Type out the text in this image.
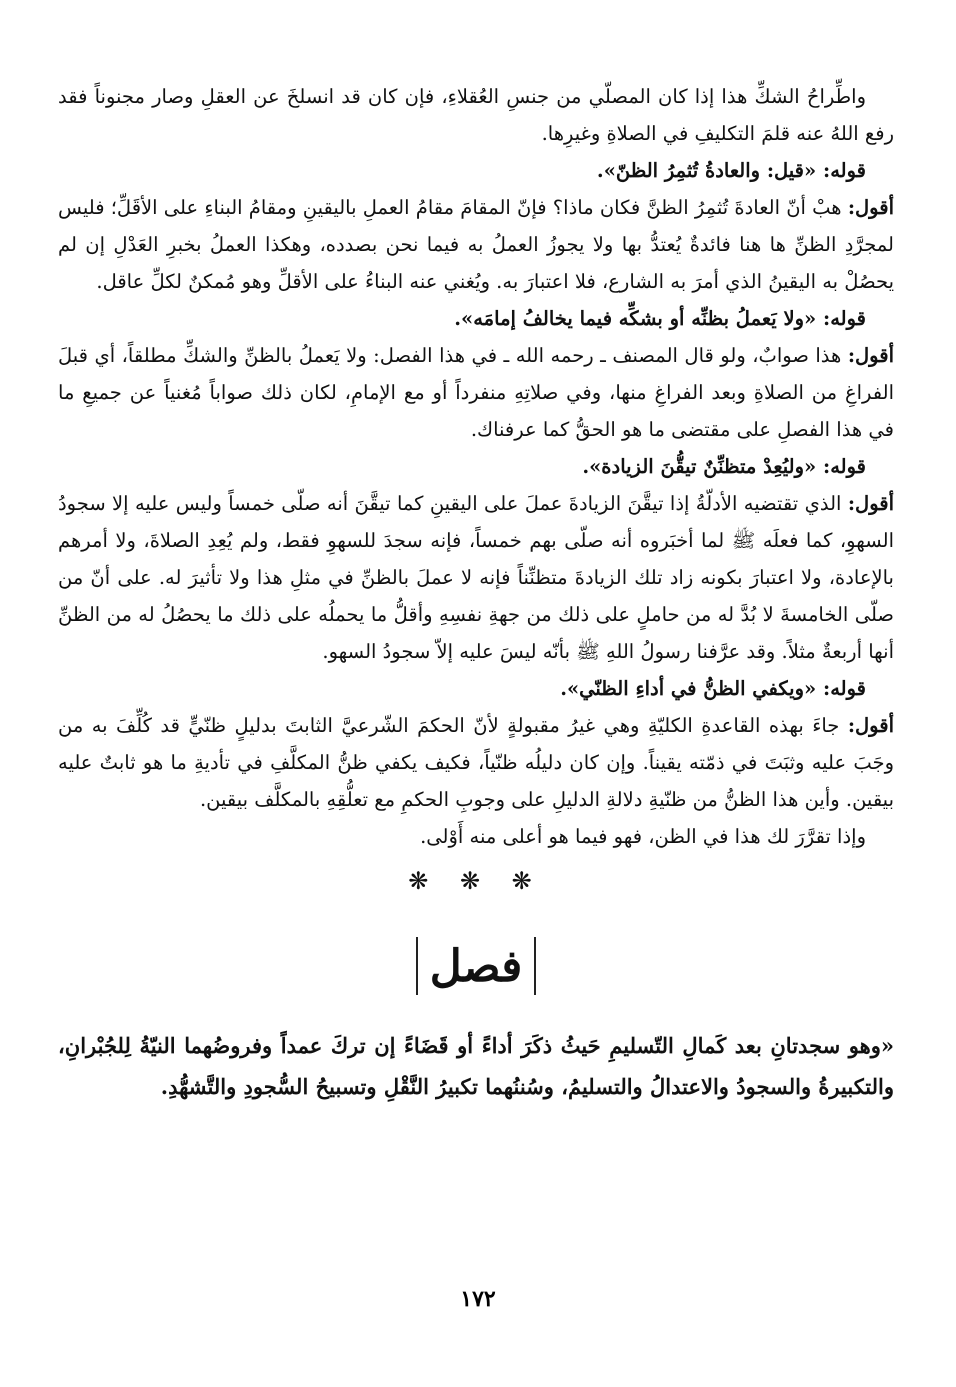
واطِّراحُ الشكِّ هذا إذا كان المصلّي من جنسِ العُقلاءِ، فإن كان قد انسلخَ عن العقلِ وصار مجنوناً فقد رفع اللهُ عنه قلمَ التكليفِ في الصلاةِ وغيرِها.

قوله: «قيل: والعادةُ تُثمِرُ الظنّ».

أقول: هبْ أنّ العادةَ تُثمِرُ الظنَّ فكان ماذا؟ فإنّ المقامَ مقامُ العملِ باليقينِ ومقامُ البناءِ على الأقَلِّ؛ فليس لمجرَّدِ الظنِّ ها هنا فائدةٌ يُعتدُّ بها ولا يجوزُ العملُ به فيما نحن بصدده، وهكذا العملُ بخبرِ العَدْلِ إن لم يحصُلْ به اليقينُ الذي أمرَ به الشارع، فلا اعتبارَ به. ويُغني عنه البناءُ على الأقلِّ وهو مُمكنٌ لكلِّ عاقل.

قوله: «ولا يَعملُ بظنِّه أو بشكِّه فيما يخالفُ إمامَه».

أقول: هذا صوابٌ، ولو قال المصنف ـ رحمه الله ـ في هذا الفصل: ولا يَعملُ بالظنِّ والشكِّ مطلقاً، أي قبلَ الفراغِ من الصلاةِ وبعد الفراغِ منها، وفي صلاتِهِ منفرداً أو مع الإمامِ، لكان ذلك صواباً مُغنياً عن جميعِ ما في هذا الفصلِ على مقتضى ما هو الحقُّ كما عرفناك.

قوله: «وليُعِدْ متظنِّنٌ تيقُّنَ الزيادة».

أقول: الذي تقتضيه الأدلّةُ إذا تيقَّنَ الزيادةَ عملَ على اليقينِ كما تيقَّنَ أنه صلّى خمساً وليس عليه إلا سجودُ السهوِ، كما فعلَه ﷺ لما أخبَروه أنه صلّى بهم خمساً، فإنه سجدَ للسهوِ فقط، ولم يُعِدِ الصلاةَ، ولا أمرهم بالإعادة، ولا اعتبارَ بكونه زاد تلك الزيادةَ متظنِّناً فإنه لا عملَ بالظنِّ في مثلِ هذا ولا تأثيرَ له. على أنّ من صلّى الخامسةَ لا بُدَّ له من حاملٍ على ذلك من جهةِ نفسِهِ وأقلُّ ما يحملُه على ذلك ما يحصُلُ له من الظنِّ أنها أربعةٌ مثلاً. وقد عرَّفنا رسولُ اللهِ ﷺ بأنّه ليسَ عليه إلاّ سجودُ السهو.

قوله: «ويكفي الظنُّ في أداءِ الظنّي».

أقول: جاءَ بهذه القاعدةِ الكليّةِ وهي غيرُ مقبولةٍ لأنّ الحكمَ الشّرعيَّ الثابتَ بدليلٍ ظنّيٍّ قد كُلِّفَ به من وجَبَ عليه وثبَتَ في ذمّته يقيناً. وإن كان دليلُه ظنّياً، فكيف يكفي ظنُّ المكلَّفِ في تأديةِ ما هو ثابتٌ عليه بيقين. وأين هذا الظنُّ من ظنّيةِ دلالةِ الدليلِ على وجوبِ الحكمِ مع تعلُّقِهِ بالمكلَّف بيقين.

وإذا تقرَّرَ لك هذا في الظن، فهو فيما هو أعلى منه أَوْلى.

❋ ❋ ❋
فصل

«وهو سجدتانِ بعد كَمالِ التّسليمِ حَيثُ ذكَرَ أداءً أو قَضَاءً إن تركَ عمداً وفروضُهما النيّةُ لِلجُبْرانِ، والتكبيرةُ والسجودُ والاعتدالُ والتسليمُ، وسُننُهما تكبيرُ النَّقْلِ وتسبيحُ السُّجودِ والتَّشهُّدِ.

١٧٢
